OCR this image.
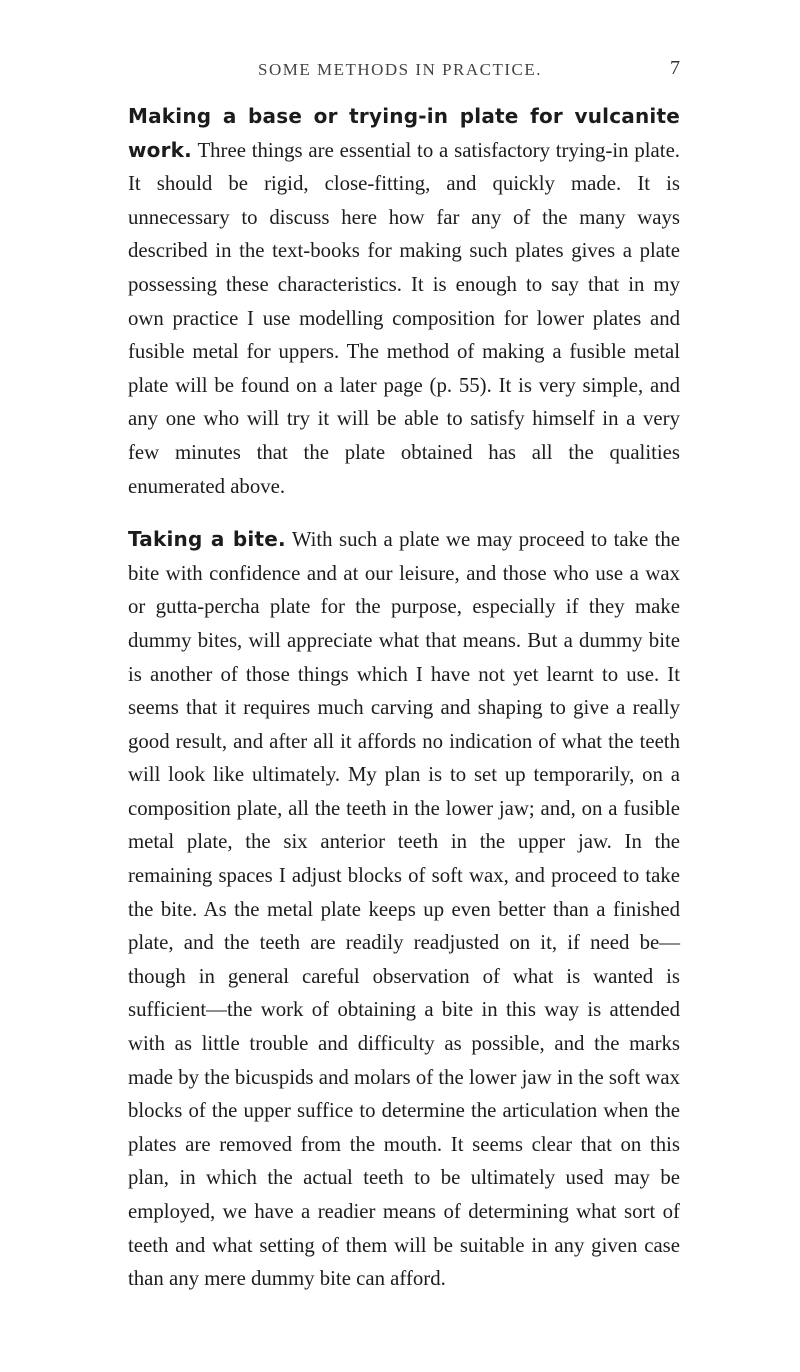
SOME METHODS IN PRACTICE.	7

Making a base or trying-in plate for vulcanite work. Three things are essential to a satisfactory trying-in plate. It should be rigid, close-fitting, and quickly made. It is unnecessary to discuss here how far any of the many ways described in the text-books for making such plates gives a plate possessing these characteristics. It is enough to say that in my own practice I use modelling composition for lower plates and fusible metal for uppers. The method of making a fusible metal plate will be found on a later page (p. 55). It is very simple, and any one who will try it will be able to satisfy himself in a very few minutes that the plate obtained has all the qualities enumerated above.

Taking a bite. With such a plate we may proceed to take the bite with confidence and at our leisure, and those who use a wax or gutta-percha plate for the purpose, especially if they make dummy bites, will appreciate what that means. But a dummy bite is another of those things which I have not yet learnt to use. It seems that it requires much carving and shaping to give a really good result, and after all it affords no indication of what the teeth will look like ultimately. My plan is to set up temporarily, on a composition plate, all the teeth in the lower jaw; and, on a fusible metal plate, the six anterior teeth in the upper jaw. In the remaining spaces I adjust blocks of soft wax, and proceed to take the bite. As the metal plate keeps up even better than a finished plate, and the teeth are readily readjusted on it, if need be—though in general careful observation of what is wanted is sufficient—the work of obtaining a bite in this way is attended with as little trouble and difficulty as possible, and the marks made by the bicuspids and molars of the lower jaw in the soft wax blocks of the upper suffice to determine the articulation when the plates are removed from the mouth. It seems clear that on this plan, in which the actual teeth to be ultimately used may be employed, we have a readier means of determining what sort of teeth and what setting of them will be suitable in any given case than any mere dummy bite can afford.
